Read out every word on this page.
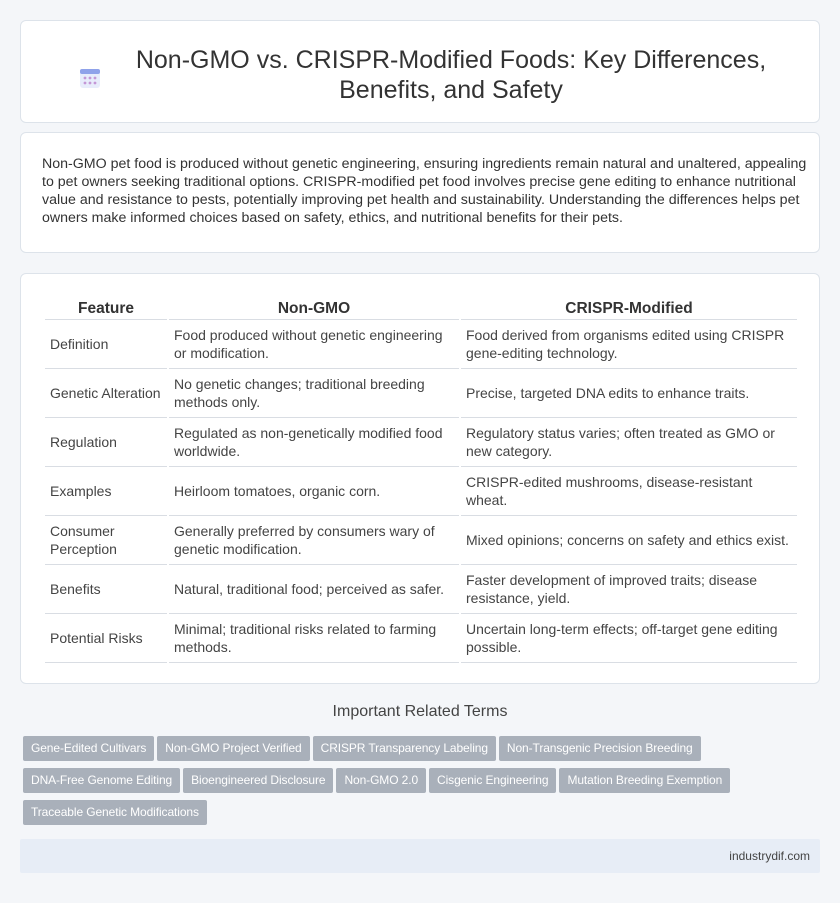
Non-GMO vs. CRISPR-Modified Foods: Key Differences, Benefits, and Safety

Non-GMO pet food is produced without genetic engineering, ensuring ingredients remain natural and unaltered, appealing to pet owners seeking traditional options. CRISPR-modified pet food involves precise gene editing to enhance nutritional value and resistance to pests, potentially improving pet health and sustainability. Understanding the differences helps pet owners make informed choices based on safety, ethics, and nutritional benefits for their pets.

Feature	Non-GMO	CRISPR-Modified
Definition	Food produced without genetic engineering or modification.	Food derived from organisms edited using CRISPR gene-editing technology.
Genetic Alteration	No genetic changes; traditional breeding methods only.	Precise, targeted DNA edits to enhance traits.
Regulation	Regulated as non-genetically modified food worldwide.	Regulatory status varies; often treated as GMO or new category.
Examples	Heirloom tomatoes, organic corn.	CRISPR-edited mushrooms, disease-resistant wheat.
Consumer Perception	Generally preferred by consumers wary of genetic modification.	Mixed opinions; concerns on safety and ethics exist.
Benefits	Natural, traditional food; perceived as safer.	Faster development of improved traits; disease resistance, yield.
Potential Risks	Minimal; traditional risks related to farming methods.	Uncertain long-term effects; off-target gene editing possible.
Important Related Terms
Gene-Edited Cultivars Non-GMO Project Verified CRISPR Transparency Labeling Non-Transgenic Precision Breeding
DNA-Free Genome Editing Bioengineered Disclosure Non-GMO 2.0 Cisgenic Engineering Mutation Breeding Exemption
Traceable Genetic Modifications
industrydif.com
